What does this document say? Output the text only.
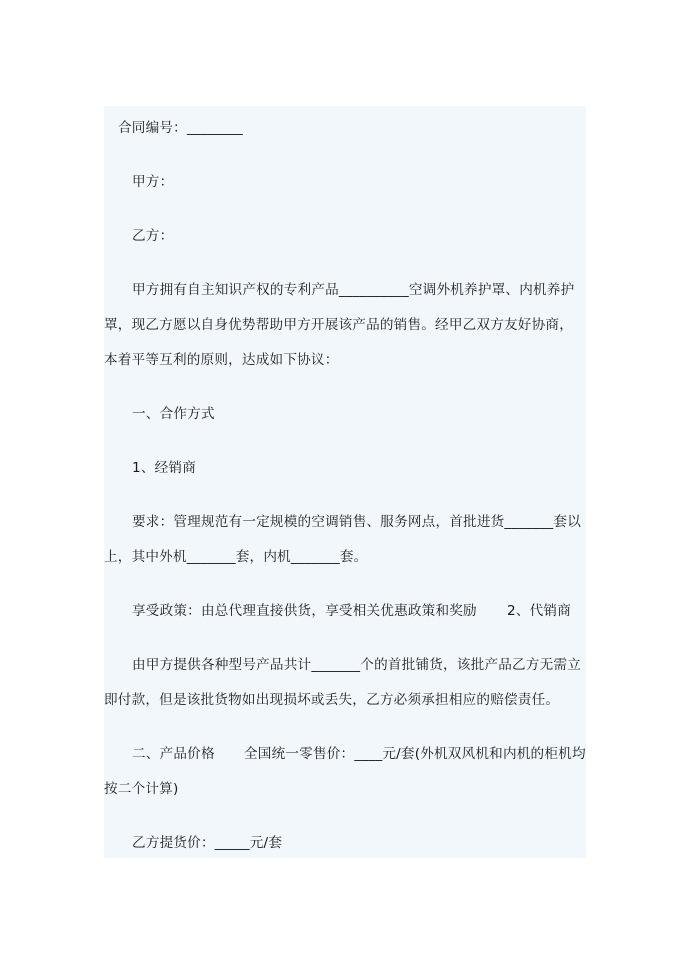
合同编号：________
甲方：
乙方：
甲方拥有自主知识产权的专利产品__________空调外机养护罩、内机养护
罩，现乙方愿以自身优势帮助甲方开展该产品的销售。经甲乙双方友好协商，
本着平等互利的原则，达成如下协议：
一、合作方式
1、经销商
要求：管理规范有一定规模的空调销售、服务网点，首批进货_______套以
上，其中外机_______套，内机_______套。
享受政策：由总代理直接供货，享受相关优惠政策和奖励 2、代销商
由甲方提供各种型号产品共计_______个的首批铺货，该批产品乙方无需立
即付款，但是该批货物如出现损坏或丢失，乙方必须承担相应的赔偿责任。
二、产品价格 全国统一零售价：____元/套(外机双风机和内机的柜机均
按二个计算)
乙方提货价：_____元/套
